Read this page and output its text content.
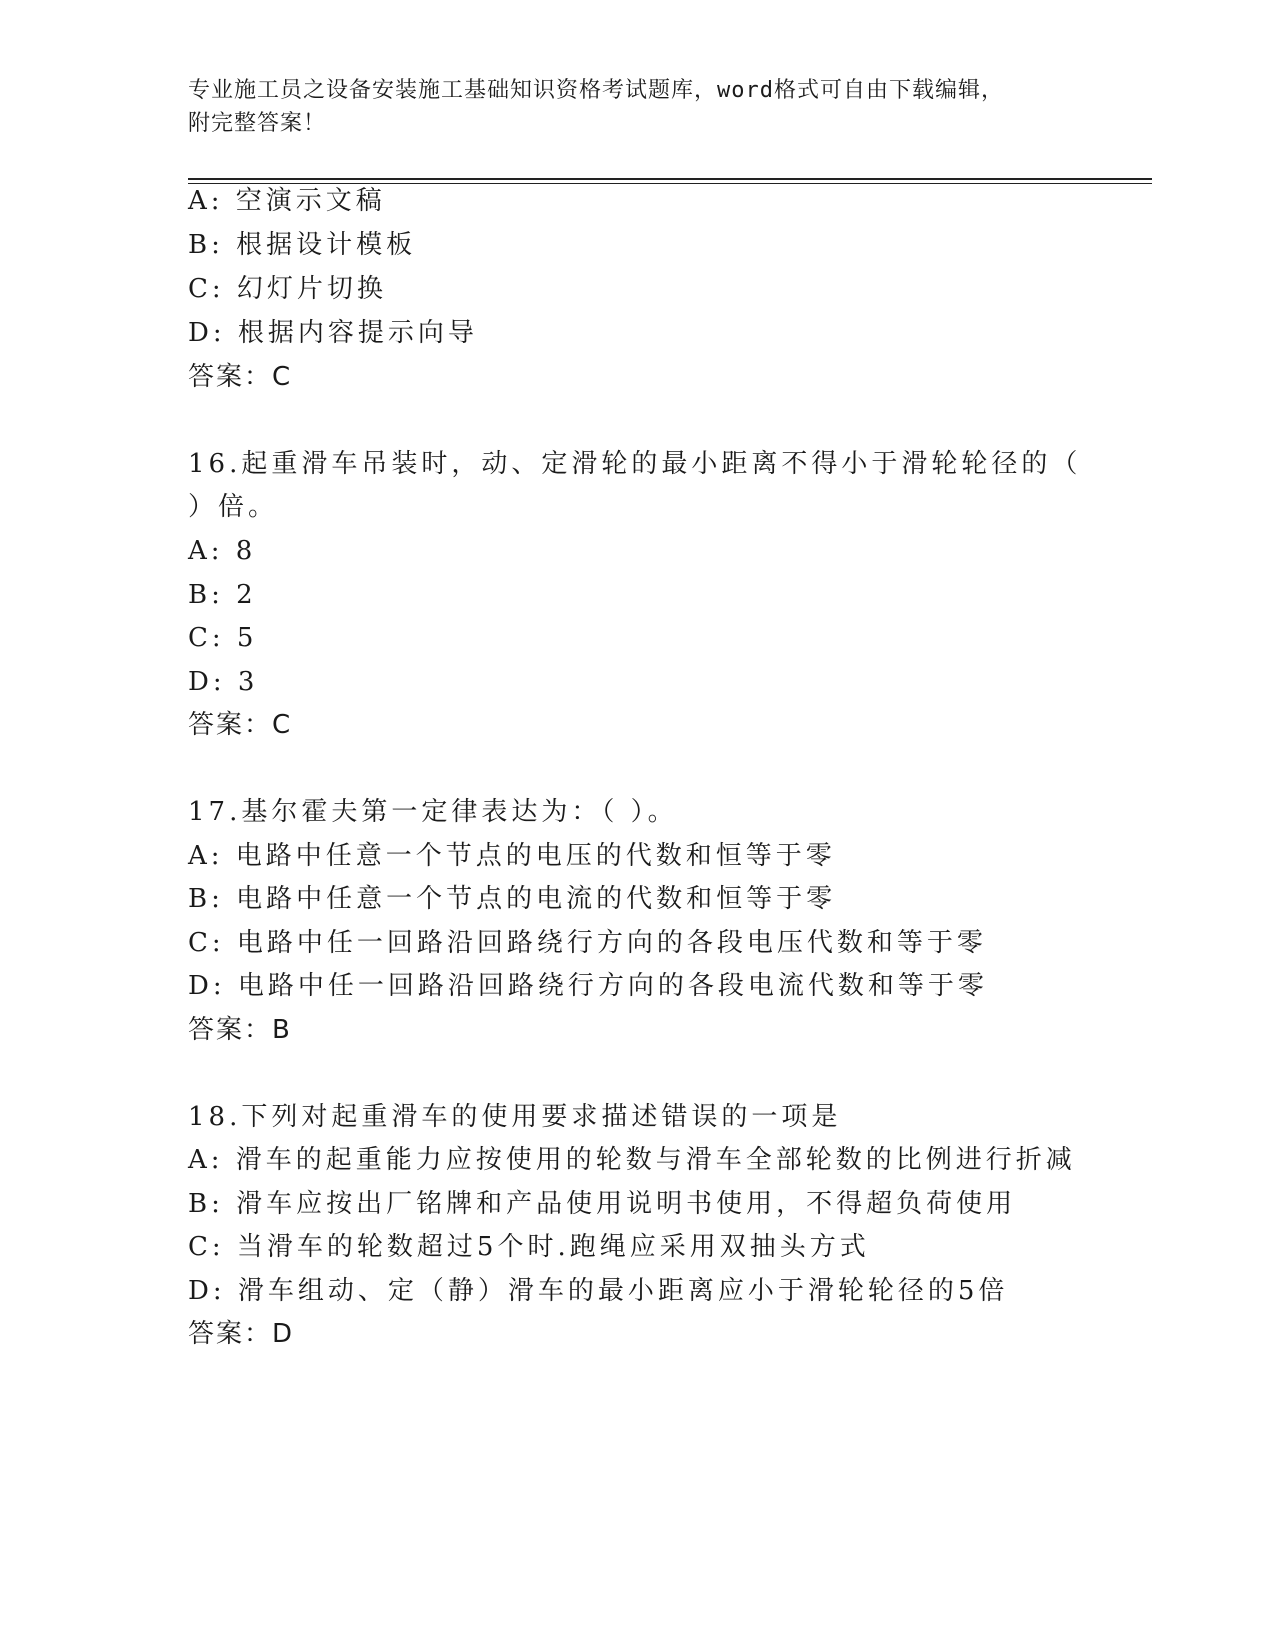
专业施工员之设备安装施工基础知识资格考试题库，word格式可自由下载编辑，
附完整答案！
A: 空演示文稿
B: 根据设计模板
C: 幻灯片切换
D: 根据内容提示向导
答案：C
16.起重滑车吊装时，动、定滑轮的最小距离不得小于滑轮轮径的（
）倍。
A: 8
B: 2
C: 5
D: 3
答案：C
17.基尔霍夫第一定律表达为：（ ）。
A: 电路中任意一个节点的电压的代数和恒等于零
B: 电路中任意一个节点的电流的代数和恒等于零
C: 电路中任一回路沿回路绕行方向的各段电压代数和等于零
D: 电路中任一回路沿回路绕行方向的各段电流代数和等于零
答案：B
18.下列对起重滑车的使用要求描述错误的一项是
A: 滑车的起重能力应按使用的轮数与滑车全部轮数的比例进行折减
B: 滑车应按出厂铭牌和产品使用说明书使用，不得超负荷使用
C: 当滑车的轮数超过5个时.跑绳应采用双抽头方式
D: 滑车组动、定（静）滑车的最小距离应小于滑轮轮径的5倍
答案：D
